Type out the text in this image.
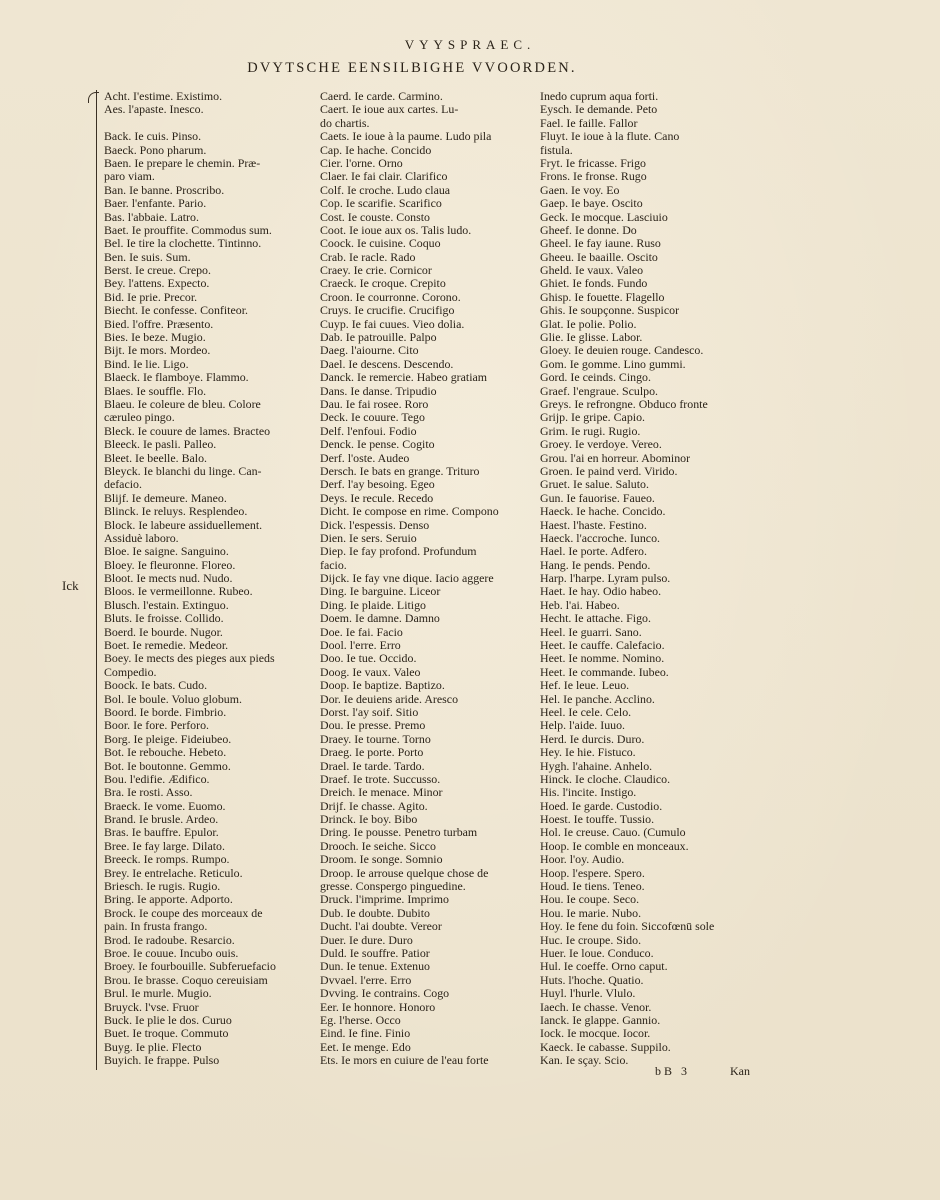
VYYSPRAEC.
DVYTSCHE EENSILBIGHE VVOORDEN.
Ick
Acht. I'estime. Existimo.
Aes. l'apaste. Inesco.
Back. Ie cuis. Pinso.
Baeck. Pono pharum.
Baen. Ie prepare le chemin. Præ-
paro viam.
Ban. Ie banne. Proscribo.
Baer. l'enfante. Pario.
Bas. l'abbaie. Latro.
Baet. Ie prouffite. Commodus sum.
Bel. Ie tire la clochette. Tintinno.
Ben. Ie suis. Sum.
Berst. Ie creue. Crepo.
Bey. l'attens. Expecto.
Bid. Ie prie. Precor.
Biecht. Ie confesse. Confiteor.
Bied. l'offre. Præsento.
Bies. Ie beze. Mugio.
Bijt. Ie mors. Mordeo.
Bind. Ie lie. Ligo.
Blaeck. Ie flamboye. Flammo.
Blaes. Ie souffle. Flo.
Blaeu. Ie coleure de bleu. Colore
cæruleo pingo.
Bleck. Ie couure de lames. Bracteo
Bleeck. Ie pasli. Palleo.
Bleet. Ie beelle. Balo.
Bleyck. Ie blanchi du linge. Can-
defacio.
Blijf. Ie demeure. Maneo.
Blinck. Ie reluys. Resplendeo.
Block. Ie labeure assiduellement.
Assiduè laboro.
Bloe. Ie saigne. Sanguino.
Bloey. Ie fleuronne. Floreo.
Bloot. Ie mects nud. Nudo.
Bloos. Ie vermeillonne. Rubeo.
Blusch. l'estain. Extinguo.
Bluts. Ie froisse. Collido.
Boerd. Ie bourde. Nugor.
Boet. Ie remedie. Medeor.
Boey. Ie mects des pieges aux pieds
Compedio.
Boock. Ie bats. Cudo.
Bol. Ie boule. Voluo globum.
Boord. Ie borde. Fimbrio.
Boor. Ie fore. Perforo.
Borg. Ie pleige. Fideiubeo.
Bot. Ie rebouche. Hebeto.
Bot. Ie boutonne. Gemmo.
Bou. l'edifie. Ædifico.
Bra. Ie rosti. Asso.
Braeck. Ie vome. Euomo.
Brand. Ie brusle. Ardeo.
Bras. Ie bauffre. Epulor.
Bree. Ie fay large. Dilato.
Breeck. Ie romps. Rumpo.
Brey. Ie entrelache. Reticulo.
Briesch. Ie rugis. Rugio.
Bring. Ie apporte. Adporto.
Brock. Ie coupe des morceaux de
pain. In frusta frango.
Brod. Ie radoube. Resarcio.
Broe. Ie couue. Incubo ouis.
Broey. Ie fourbouille. Subferuefacio
Brou. Ie brasse. Coquo cereuisiam
Brul. Ie murle. Mugio.
Bruyck. l'vse. Fruor
Buck. Ie plie le dos. Curuo
Buet. Ie troque. Commuto
Buyg. Ie plie. Flecto
Buyich. Ie frappe. Pulso
Caerd. Ie carde. Carmino.
Caert. Ie ioue aux cartes. Lu-
do chartis.
Caets. Ie ioue à la paume. Ludo pila
Cap. Ie hache. Concido
Cier. l'orne. Orno
Claer. Ie fai clair. Clarifico
Colf. Ie croche. Ludo claua
Cop. Ie scarifie. Scarifico
Cost. Ie couste. Consto
Coot. Ie ioue aux os. Talis ludo.
Coock. Ie cuisine. Coquo
Crab. Ie racle. Rado
Craey. Ie crie. Cornicor
Craeck. Ie croque. Crepito
Croon. Ie courronne. Corono.
Cruys. Ie crucifie. Crucifigo
Cuyp. Ie fai cuues. Vieo dolia.
Dab. Ie patrouille. Palpo
Daeg. l'aiourne. Cito
Dael. Ie descens. Descendo.
Danck. Ie remercie. Habeo gratiam
Dans. Ie danse. Tripudio
Dau. Ie fai rosee. Roro
Deck. Ie couure. Tego
Delf. l'enfoui. Fodio
Denck. Ie pense. Cogito
Derf. l'oste. Audeo
Dersch. Ie bats en grange. Trituro
Derf. l'ay besoing. Egeo
Deys. Ie recule. Recedo
Dicht. Ie compose en rime. Compono
Dick. l'espessis. Denso
Dien. Ie sers. Seruio
Diep. Ie fay profond. Profundum
facio.
Dijck. Ie fay vne dique. Iacio aggere
Ding. Ie barguine. Liceor
Ding. Ie plaide. Litigo
Doem. Ie damne. Damno
Doe. Ie fai. Facio
Dool. l'erre. Erro
Doo. Ie tue. Occido.
Doog. Ie vaux. Valeo
Doop. Ie baptize. Baptizo.
Dor. Ie deuiens aride. Aresco
Dorst. l'ay soif. Sitio
Dou. Ie presse. Premo
Draey. Ie tourne. Torno
Draeg. Ie porte. Porto
Drael. Ie tarde. Tardo.
Draef. Ie trote. Succusso.
Dreich. Ie menace. Minor
Drijf. Ie chasse. Agito.
Drinck. Ie boy. Bibo
Dring. Ie pousse. Penetro turbam
Drooch. Ie seiche. Sicco
Droom. Ie songe. Somnio
Droop. Ie arrouse quelque chose de
gresse. Conspergo pinguedine.
Druck. l'imprime. Imprimo
Dub. Ie doubte. Dubito
Ducht. l'ai doubte. Vereor
Duer. Ie dure. Duro
Duld. Ie souffre. Patior
Dun. Ie tenue. Extenuo
Dvvael. l'erre. Erro
Dvving. Ie contrains. Cogo
Eer. Ie honnore. Honoro
Eg. l'herse. Occo
Eind. Ie fine. Finio
Eet. Ie menge. Edo
Ets. Ie mors en cuiure de l'eau forte
Inedo cuprum aqua forti.
Eysch. Ie demande. Peto
Fael. Ie faille. Fallor
Fluyt. Ie ioue à la flute. Cano
fistula.
Fryt. Ie fricasse. Frigo
Frons. Ie fronse. Rugo
Gaen. Ie voy. Eo
Gaep. Ie baye. Oscito
Geck. Ie mocque. Lasciuio
Gheef. Ie donne. Do
Gheel. Ie fay iaune. Ruso
Gheeu. Ie baaille. Oscito
Gheld. Ie vaux. Valeo
Ghiet. Ie fonds. Fundo
Ghisp. Ie fouette. Flagello
Ghis. Ie soupçonne. Suspicor
Glat. Ie polie. Polio.
Glie. Ie glisse. Labor.
Gloey. Ie deuien rouge. Candesco.
Gom. Ie gomme. Lino gummi.
Gord. Ie ceinds. Cingo.
Graef. l'engraue. Sculpo.
Greys. Ie refrongne. Obduco fronte
Grijp. Ie gripe. Capio.
Grim. Ie rugi. Rugio.
Groey. Ie verdoye. Vereo.
Grou. l'ai en horreur. Abominor
Groen. Ie paind verd. Virido.
Gruet. Ie salue. Saluto.
Gun. Ie fauorise. Faueo.
Haeck. Ie hache. Concido.
Haest. l'haste. Festino.
Haeck. l'accroche. Iunco.
Hael. Ie porte. Adfero.
Hang. Ie pends. Pendo.
Harp. l'harpe. Lyram pulso.
Haet. Ie hay. Odio habeo.
Heb. l'ai. Habeo.
Hecht. Ie attache. Figo.
Heel. Ie guarri. Sano.
Heet. Ie cauffe. Calefacio.
Heet. Ie nomme. Nomino.
Heet. Ie commande. Iubeo.
Hef. Ie leue. Leuo.
Hel. Ie panche. Acclino.
Heel. Ie cele. Celo.
Help. l'aide. Iuuo.
Herd. Ie durcis. Duro.
Hey. Ie hie. Fistuco.
Hygh. l'ahaine. Anhelo.
Hinck. Ie cloche. Claudico.
His. l'incite. Instigo.
Hoed. Ie garde. Custodio.
Hoest. Ie touffe. Tussio.
Hol. Ie creuse. Cauo. (Cumulo
Hoop. Ie comble en monceaux.
Hoor. l'oy. Audio.
Hoop. l'espere. Spero.
Houd. Ie tiens. Teneo.
Hou. Ie coupe. Seco.
Hou. Ie marie. Nubo.
Hoy. Ie fene du foin. Siccofœnū sole
Huc. Ie croupe. Sido.
Huer. Ie loue. Conduco.
Hul. Ie coeffe. Orno caput.
Huts. l'hoche. Quatio.
Huyl. l'hurle. Vlulo.
Iaech. Ie chasse. Venor.
Ianck. Ie glappe. Gannio.
Iock. Ie mocque. Iocor.
Kaeck. Ie cabasse. Suppilo.
Kan. Ie sçay. Scio.
bB 3	Kan
